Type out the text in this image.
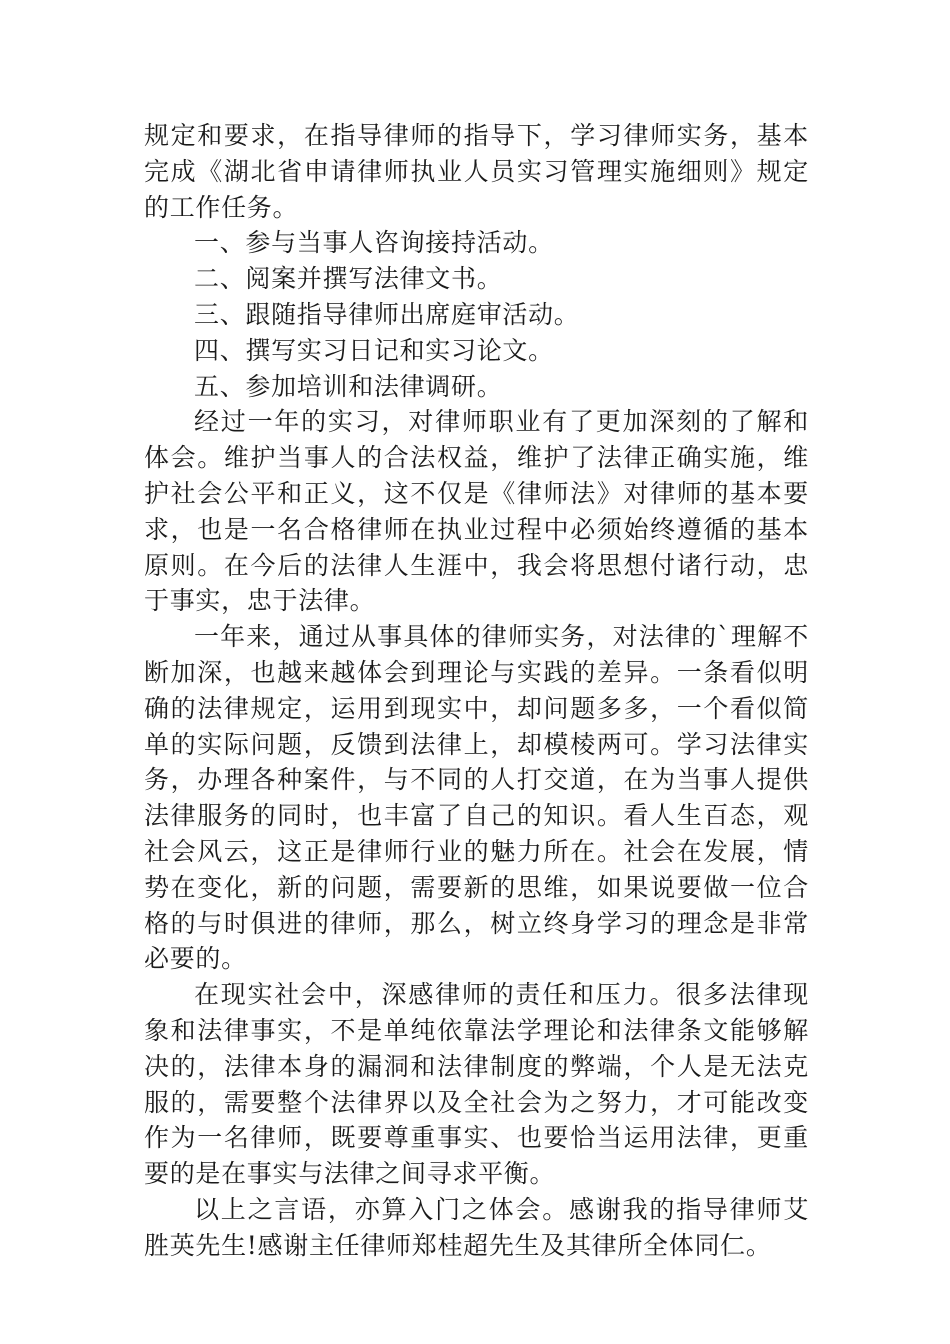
规定和要求，在指导律师的指导下，学习律师实务，基本完成《湖北省申请律师执业人员实习管理实施细则》规定的工作任务。

一、参与当事人咨询接持活动。

二、阅案并撰写法律文书。

三、跟随指导律师出席庭审活动。

四、撰写实习日记和实习论文。

五、参加培训和法律调研。

经过一年的实习，对律师职业有了更加深刻的了解和体会。维护当事人的合法权益，维护了法律正确实施，维护社会公平和正义，这不仅是《律师法》对律师的基本要求，也是一名合格律师在执业过程中必须始终遵循的基本原则。在今后的法律人生涯中，我会将思想付诸行动，忠于事实，忠于法律。

一年来，通过从事具体的律师实务，对法律的`理解不断加深，也越来越体会到理论与实践的差异。一条看似明确的法律规定，运用到现实中，却问题多多，一个看似简单的实际问题，反馈到法律上，却模棱两可。学习法律实务，办理各种案件，与不同的人打交道，在为当事人提供法律服务的同时，也丰富了自己的知识。看人生百态，观社会风云，这正是律师行业的魅力所在。社会在发展，情势在变化，新的问题，需要新的思维，如果说要做一位合格的与时俱进的律师，那么，树立终身学习的理念是非常必要的。

在现实社会中，深感律师的责任和压力。很多法律现象和法律事实，不是单纯依靠法学理论和法律条文能够解决的，法律本身的漏洞和法律制度的弊端，个人是无法克服的，需要整个法律界以及全社会为之努力，才可能改变作为一名律师，既要尊重事实、也要恰当运用法律，更重要的是在事实与法律之间寻求平衡。

以上之言语，亦算入门之体会。感谢我的指导律师艾胜英先生!感谢主任律师郑桂超先生及其律所全体同仁。
